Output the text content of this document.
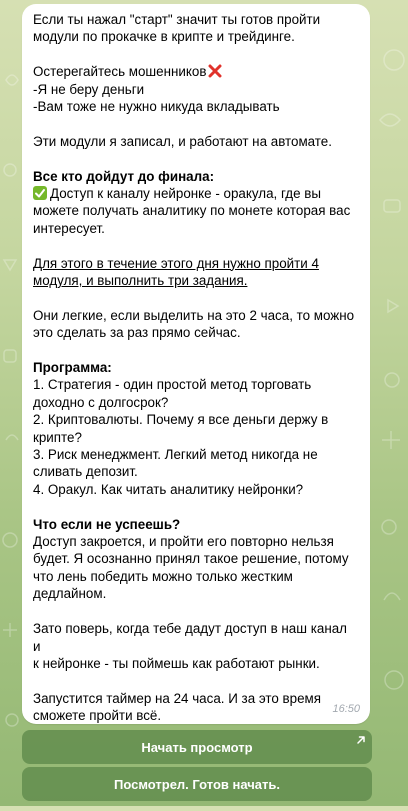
Если ты нажал "старт" значит ты готов пройти

модули по прокачке в крипте и трейдинге.

Остерегайтесь мошенников

-Я не беру деньги

-Вам тоже не нужно никуда вкладывать

Эти модули я записал, и работают на автомате.

Все кто дойдут до финала:

Доступ к каналу нейронке - оракула, где вы

можете получать аналитику по монете которая вас

интересует.

Для этого в течение этого дня нужно пройти 4

модуля, и выполнить три задания.

Они легкие, если выделить на это 2 часа, то можно

это сделать за раз прямо сейчас.

Программа:

1. Стратегия - один простой метод торговать

доходно с долгосрок?

2. Криптовалюты. Почему я все деньги держу в

крипте?

3. Риск менеджмент. Легкий метод никогда не

сливать депозит.

4. Оракул. Как читать аналитику нейронки?

Что если не успеешь?

Доступ закроется, и пройти его повторно нельзя

будет. Я осознанно принял такое решение, потому

что лень победить можно только жестким

дедлайном.

Зато поверь, когда тебе дадут доступ в наш канал и

к нейронке - ты поймешь как работают рынки.

Запустится таймер на 24 часа. И за это время

сможете пройти всё.	16:50
Начать просмотр
Посмотрел. Готов начать.
